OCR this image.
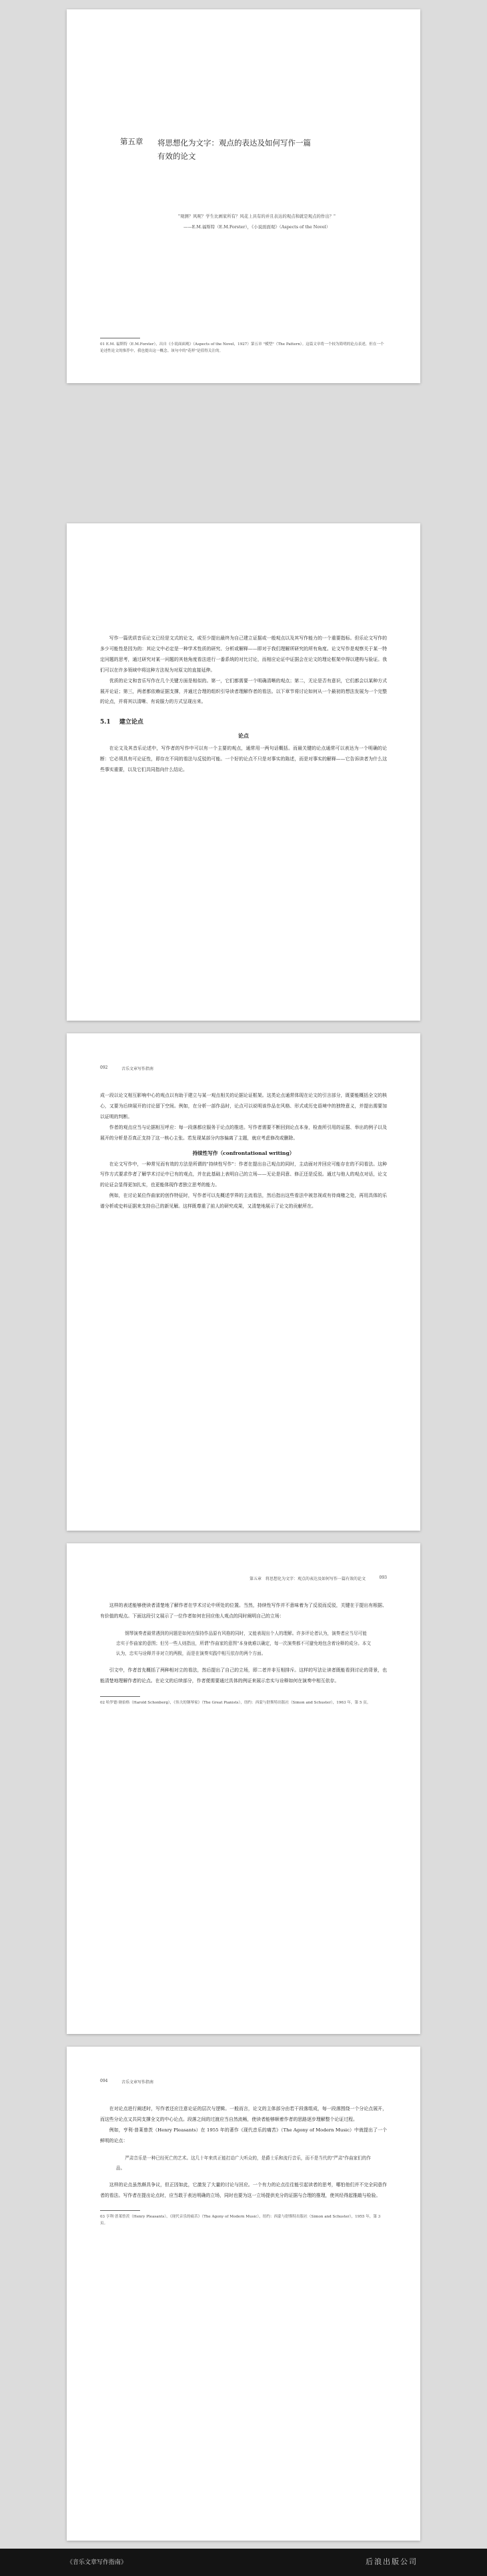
第五章 将思想化为文字：观点的表达及如何写作一篇
有效的论文
"观测？风呢？学生比画家所有？风花上具有的并且表达的观点和就是观点的作出？"
——E.M.福斯特（E.M.Forster），《小说面面观》（Aspects of the Novel）

01 E.M. 福斯特（E.M.Forster），出自《小说面面观》（Aspects of the Novel，1927）第五章 "模型"（The Pattern）。这篇文章将一个较为简明的论点表述，但在一个论述性论文的推荐中，我也提出这一概念。该句中的"花样"是值得关注的。

写作一篇优质音乐论文已经是文式的论文，或至少提出最终为自己建立证据或一般观点以及其写作能力的一个重要指标。但乐论文写作的多少可能性是因为的：其论文中必定是一种学术性质的研究、分析或解释——即对于我们理解所研究的所有角度。论文写作是观察关于某一特定问题的思考，通过研究对某一问题的其他角度看法进行一番系统的对比讨论，而相应论证中证据会在论文的理论框架中得以建构与验证。我们可以在许多领域中将这种方法视为对原文的直接延伸。

优质的论文和音乐写作在几个关键方面是相似的。第一，它们都需要一个明确清晰的观点；第二，无论是否有意识，它们都会以某种方式展开论证；第三，两者都依赖证据支撑，并通过合理的组织引导读者理解作者的看法。以下章节将讨论如何从一个最初的想法发展为一个完整的论点，并将其以清晰、有说服力的方式呈现出来。

5.1 建立论点
论点

在论文及其音乐论述中，写作者的写作中可以有一个主要的观点，通常用一两句话概括。而最关键的论点通常可以表达为一个明确的论断：它必须具有可论证性，即存在不同的看法与反驳的可能。一个好的论点不只是对事实的陈述，而是对事实的解释——它告诉读者为什么这些事实重要，以及它们共同指向什么结论。

092	音乐文章写作指南

成一段以论文相互影响中心的观点以有助于建立与某一观点相关的论据论证框架。这类论点通常体现在论文的引言部分，既要能概括全文的核心，又要为后续展开的讨论留下空间。例如，在分析一部作品时，论点可以说明该作品在风格、形式或历史语境中的独特意义，并提出需要加以证明的判断。

作者的观点应当与论据相互呼应：每一段落都应服务于论点的推进。写作者需要不断回到论点本身，检查所引用的证据、举出的例子以及展开的分析是否真正支持了这一核心主张。若发现某部分内容偏离了主题，就应考虑修改或删除。

持续性写作（confrontational writing）

在论文写作中，一种常见而有效的方法是所谓的"持续性写作"：作者在提出自己观点的同时，主动面对并回应可能存在的不同看法。这种写作方式要求作者了解学术讨论中已有的观点，并在此基础上表明自己的立场——无论是同意、修正还是反驳。通过与他人的观点对话，论文的论证会显得更加扎实，也更能体现作者独立思考的能力。

例如，在讨论某位作曲家的创作特征时，写作者可以先概述学界的主流看法，然后指出这些看法中被忽视或有待商榷之处，再用具体的乐谱分析或史料证据来支持自己的新见解。这样既尊重了前人的研究成果，又清楚地展示了论文的贡献所在。

第五章　将思想化为文字：观点的表达及如何写作一篇有效的论文	093

这样的表述能够使读者清楚地了解作者在学术讨论中所处的位置。当然，持续性写作并不意味着为了反驳而反驳，关键在于提出有根据、有价值的观点。下面这段引文展示了一位作者如何在回应他人观点的同时阐明自己的立场：

钢琴演奏者最常遇到的问题是如何在保持作品原有风格的同时，又能表现出个人的理解。许多评论者认为，演奏者应当尽可能忠实于作曲家的意图；但另一些人则指出，所谓"作曲家的意图"本身就难以确定，每一次演奏都不可避免地包含着诠释的成分。本文认为，忠实与诠释并非对立的两极，而是在演奏实践中相互依存的两个方面。

引文中，作者首先概括了两种相对立的看法，然后提出了自己的立场，即二者并非互相排斥。这样的写法让读者既能看到讨论的背景，也能清楚地理解作者的论点。在论文的后续部分，作者便需要通过具体的例证来展示忠实与诠释如何在演奏中相互依存。

02 哈罗德·勋伯格（Harold Schonberg），《伟大的钢琴家》（The Great Pianists），纽约：西蒙与舒斯特出版社（Simon and Schuster），1963 年，第 5 页。

094	音乐文章写作指南

在对论点进行阐述时，写作者还应注意论证的层次与逻辑。一般而言，论文的主体部分由若干段落组成，每一段落围绕一个分论点展开，而这些分论点又共同支撑全文的中心论点。段落之间的过渡应当自然流畅，使读者能够顺着作者的思路逐步理解整个论证过程。

例如，亨利·普莱曾茨（Henry Pleasants）在 1955 年的著作《现代音乐的痛苦》（The Agony of Modern Music）中就提出了一个鲜明的论点：

严肃音乐是一种已经死亡的艺术。这几十年来真正能打动广大听众的，是爵士乐和流行音乐，而不是当代的"严肃"作曲家们的作品。

这样的论点虽然颇具争议，但正因如此，它激发了大量的讨论与回应。一个有力的论点往往能引起读者的思考，哪怕他们并不完全同意作者的看法。写作者在提出论点时，应当敢于表达明确的立场，同时也要为这一立场提供充分的证据与合理的推理，使其经得起推敲与检验。

03 亨利·普莱曾茨（Henry Pleasants），《现代音乐的痛苦》（The Agony of Modern Music），纽约：西蒙与舒斯特出版社（Simon and Schuster），1955 年，第 3 页。

《音乐文章写作指南》	后浪出版公司
